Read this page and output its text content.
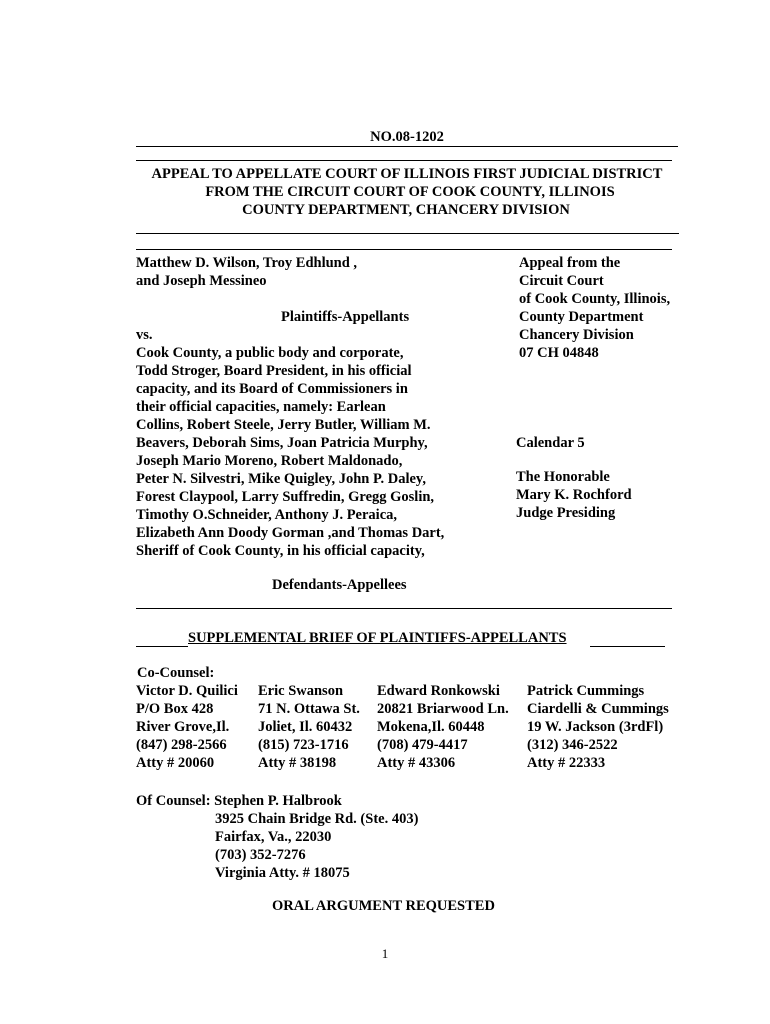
NO.08-1202
APPEAL TO APPELLATE COURT OF ILLINOIS FIRST JUDICIAL DISTRICT
FROM THE CIRCUIT COURT OF COOK COUNTY, ILLINOIS
COUNTY DEPARTMENT, CHANCERY DIVISION
Matthew D. Wilson, Troy Edhlund ,
and Joseph Messineo
Plaintiffs-Appellants
vs.
Cook County, a public body and corporate,
Todd Stroger, Board President, in his official
capacity, and its Board of Commissioners in
their official capacities, namely: Earlean
Collins, Robert Steele, Jerry Butler, William M.
Beavers, Deborah Sims, Joan Patricia Murphy,
Joseph Mario Moreno, Robert Maldonado,
Peter N. Silvestri, Mike Quigley, John P. Daley,
Forest Claypool, Larry Suffredin, Gregg Goslin,
Timothy O.Schneider, Anthony J. Peraica,
Elizabeth Ann Doody Gorman ,and Thomas Dart,
Sheriff of Cook County, in his official capacity,
Defendants-Appellees
Appeal from the
Circuit Court
of Cook County, Illinois,
County Department
Chancery Division
07 CH 04848
Calendar 5
The Honorable
Mary K. Rochford
Judge Presiding
SUPPLEMENTAL BRIEF OF PLAINTIFFS-APPELLANTS
Co-Counsel:
Victor D. Quilici
P/O Box 428
River Grove,Il.
(847) 298-2566
Atty # 20060
Eric Swanson
71 N. Ottawa St.
Joliet, Il. 60432
(815) 723-1716
Atty # 38198
Edward Ronkowski
20821 Briarwood Ln.
Mokena,Il. 60448
(708) 479-4417
Atty # 43306
Patrick Cummings
Ciardelli & Cummings
19 W. Jackson (3rdFl)
(312) 346-2522
Atty # 22333
Of Counsel: Stephen P. Halbrook
3925 Chain Bridge Rd. (Ste. 403)
Fairfax, Va., 22030
(703) 352-7276
Virginia Atty. # 18075
ORAL ARGUMENT REQUESTED
1
